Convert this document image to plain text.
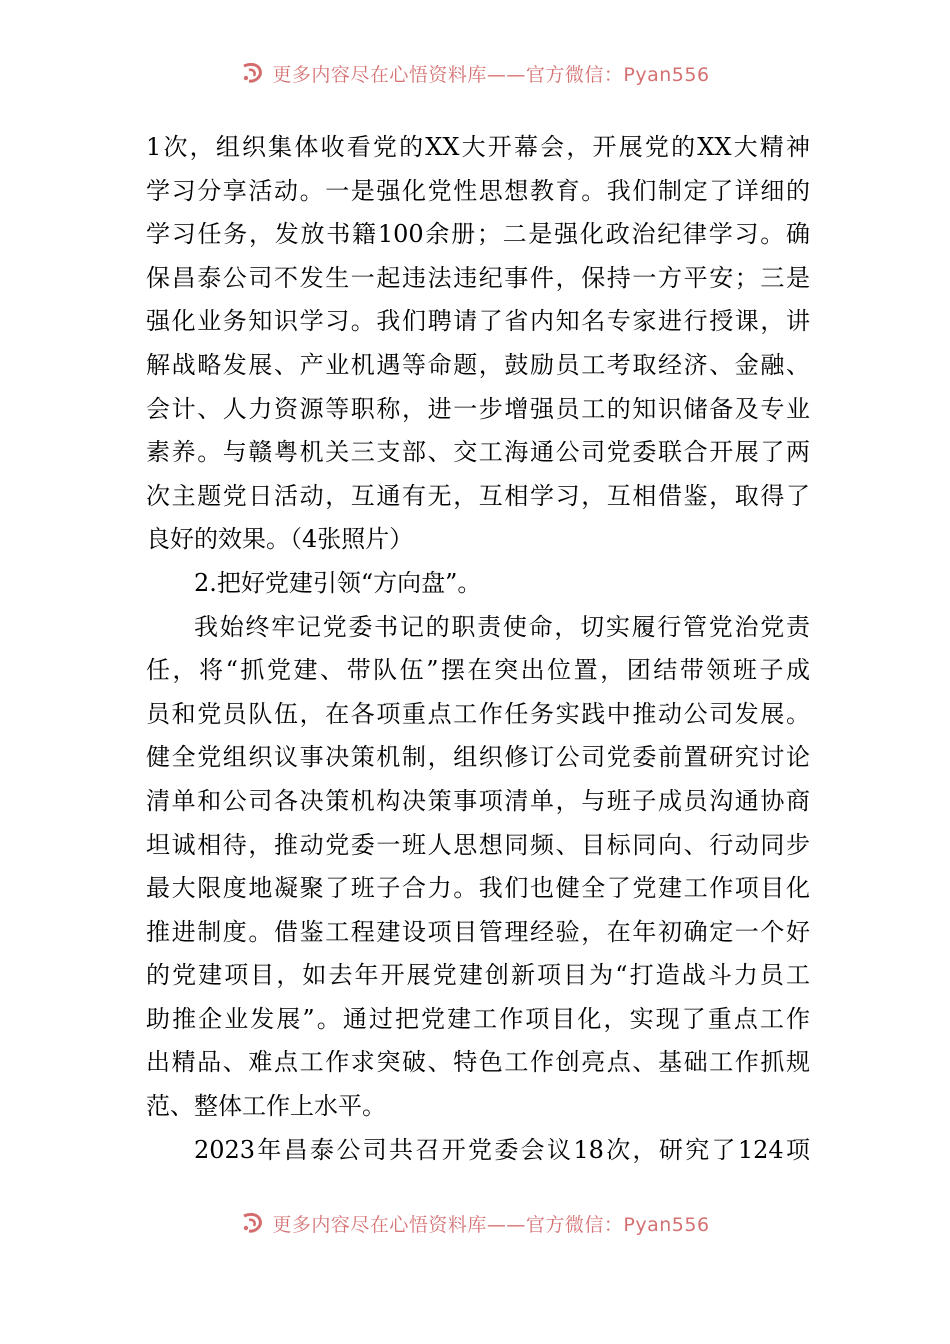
更多内容尽在心悟资料库——官方微信：Pyan556
1次，组织集体收看党的XX大开幕会，开展党的XX大精神
学习分享活动。一是强化党性思想教育。我们制定了详细的
学习任务，发放书籍100余册；二是强化政治纪律学习。确
保昌泰公司不发生一起违法违纪事件，保持一方平安；三是
强化业务知识学习。我们聘请了省内知名专家进行授课，讲
解战略发展、产业机遇等命题，鼓励员工考取经济、金融、
会计、人力资源等职称，进一步增强员工的知识储备及专业
素养。与赣粤机关三支部、交工海通公司党委联合开展了两
次主题党日活动，互通有无，互相学习，互相借鉴，取得了
良好的效果。（4张照片）
2.把好党建引领“方向盘”。
我始终牢记党委书记的职责使命，切实履行管党治党责
任，将“抓党建、带队伍”摆在突出位置，团结带领班子成
员和党员队伍，在各项重点工作任务实践中推动公司发展。
健全党组织议事决策机制，组织修订公司党委前置研究讨论
清单和公司各决策机构决策事项清单，与班子成员沟通协商
坦诚相待，推动党委一班人思想同频、目标同向、行动同步
最大限度地凝聚了班子合力。我们也健全了党建工作项目化
推进制度。借鉴工程建设项目管理经验，在年初确定一个好
的党建项目，如去年开展党建创新项目为“打造战斗力员工
助推企业发展”。通过把党建工作项目化，实现了重点工作
出精品、难点工作求突破、特色工作创亮点、基础工作抓规
范、整体工作上水平。
2023年昌泰公司共召开党委会议18次，研究了124项
更多内容尽在心悟资料库——官方微信：Pyan556
